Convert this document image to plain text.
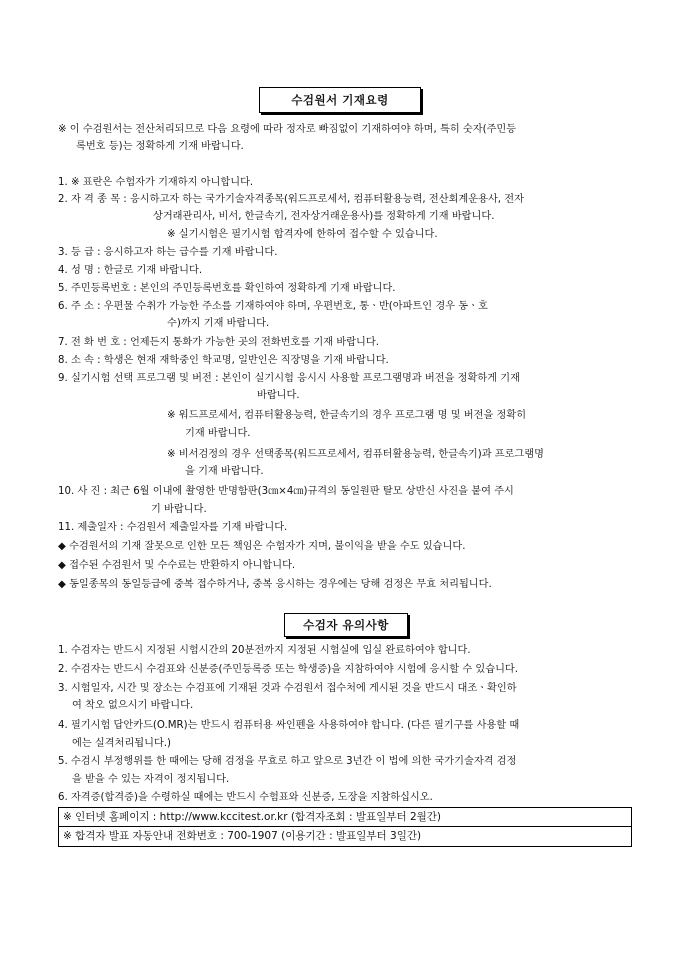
수검원서 기재요령
※ 이 수검원서는 전산처리되므로 다음 요령에 따라 정자로 빠짐없이 기재하여야 하며, 특히 숫자(주민등
록번호 등)는 정확하게 기재 바랍니다.
1. ※ 표란은 수험자가 기재하지 아니합니다.
2. 자 격 종 목 : 응시하고자 하는 국가기술자격종목(워드프로세서, 컴퓨터활용능력, 전산회계운용사, 전자
상거래관리사, 비서, 한글속기, 전자상거래운용사)를 정확하게 기재 바랍니다.
※ 실기시험은 필기시험 합격자에 한하여 접수할 수 있습니다.
3. 등 급 : 응시하고자 하는 급수를 기재 바랍니다.
4. 성 명 : 한글로 기재 바랍니다.
5. 주민등록번호 : 본인의 주민등록번호를 확인하여 정확하게 기재 바랍니다.
6. 주 소 : 우편물 수취가 가능한 주소를 기재하여야 하며, 우편번호, 통ㆍ반(아파트인 경우 동ㆍ호
수)까지 기재 바랍니다.
7. 전 화 번 호 : 언제든지 통화가 가능한 곳의 전화번호를 기재 바랍니다.
8. 소 속 : 학생은 현재 재학중인 학교명, 일반인은 직장명을 기재 바랍니다.
9. 실기시험 선택 프로그램 및 버전 : 본인이 실기시험 응시시 사용할 프로그램명과 버전을 정확하게 기재
바랍니다.
※ 워드프로세서, 컴퓨터활용능력, 한글속기의 경우 프로그램 명 및 버전을 정확히
기재 바랍니다.
※ 비서검정의 경우 선택종목(워드프로세서, 컴퓨터활용능력, 한글속기)과 프로그램명
을 기재 바랍니다.
10. 사 진 : 최근 6월 이내에 촬영한 반명함판(3㎝×4㎝)규격의 동일원판 탈모 상반신 사진을 붙여 주시
기 바랍니다.
11. 제출일자 : 수검원서 제출일자를 기재 바랍니다.
◆ 수검원서의 기재 잘못으로 인한 모든 책임은 수험자가 지며, 불이익을 받을 수도 있습니다.
◆ 접수된 수검원서 및 수수료는 반환하지 아니합니다.
◆ 동일종목의 동일등급에 중복 접수하거나, 중복 응시하는 경우에는 당해 검정은 무효 처리됩니다.
수검자 유의사항
1. 수검자는 반드시 지정된 시험시간의 20분전까지 지정된 시험실에 입실 완료하여야 합니다.
2. 수검자는 반드시 수검표와 신분증(주민등록증 또는 학생증)을 지참하여야 시험에 응시할 수 있습니다.
3. 시험일자, 시간 및 장소는 수검표에 기재된 것과 수검원서 접수처에 게시된 것을 반드시 대조ㆍ확인하
여 착오 없으시기 바랍니다.
4. 필기시험 답안카드(O.MR)는 반드시 컴퓨터용 싸인펜을 사용하여야 합니다. (다른 필기구를 사용할 때
에는 실격처리됩니다.)
5. 수검시 부정행위를 한 때에는 당해 검정을 무효로 하고 앞으로 3년간 이 법에 의한 국가기술자격 검정
을 받을 수 있는 자격이 정지됩니다.
6. 자격증(합격증)을 수령하실 때에는 반드시 수험표와 신분증, 도장을 지참하십시오.
※ 인터넷 홈페이지 : http://www.kccitest.or.kr (합격자조회 : 발표일부터 2월간)
※ 합격자 발표 자동안내 전화번호 : 700-1907 (이용기간 : 발표일부터 3일간)
